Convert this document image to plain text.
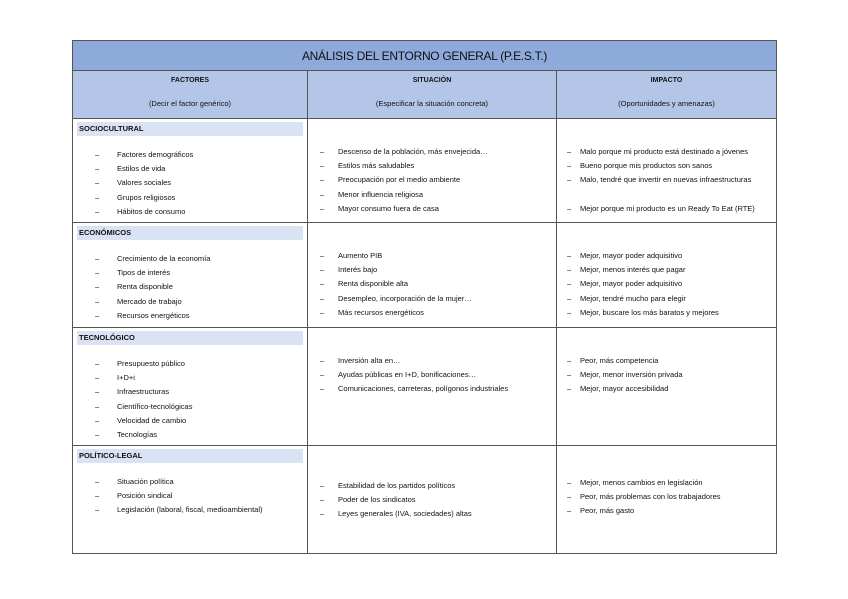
ANÁLISIS DEL ENTORNO GENERAL (P.E.S.T.)		

FACTORES
(Decir el factor genérico)

SITUACIÓN
(Especificar la situación concreta)

IMPACTO
(Oportunidades y amenazas)

SOCIOCULTURAL
– Factores demográficos
– Estilos de vida
– Valores sociales
– Grupos religiosos
– Hábitos de consumo

– Descenso de la población, más envejecida…
– Estilos más saludables
– Preocupación por el medio ambiente
– Menor influencia religiosa
– Mayor consumo fuera de casa

– Malo porque mi producto está destinado a jóvenes
– Bueno porque mis productos son sanos
– Malo, tendré que invertir en nuevas infraestructuras
– Mejor porque mi producto es un Ready To Eat (RTE)

ECONÓMICOS
– Crecimiento de la economía
– Tipos de interés
– Renta disponible
– Mercado de trabajo
– Recursos energéticos

– Aumento PIB
– Interés bajo
– Renta disponible alta
– Desempleo, incorporación de la mujer…
– Más recursos energéticos

– Mejor, mayor poder adquisitivo
– Mejor, menos interés que pagar
– Mejor, mayor poder adquisitivo
– Mejor, tendré mucho para elegir
– Mejor, buscare los más baratos y mejores

TECNOLÓGICO
– Presupuesto público
– I+D+i
– Infraestructuras
– Científico-tecnológicas
– Velocidad de cambio
– Tecnologías

– Inversión alta en…
– Ayudas públicas en I+D, bonificaciones…
– Comunicaciones, carreteras, polígonos industriales

– Peor, más competencia
– Mejor, menor inversión privada
– Mejor, mayor accesibilidad

POLÍTICO-LEGAL
– Situación política
– Posición sindical
– Legislación (laboral, fiscal, medioambiental)

– Estabilidad de los partidos políticos
– Poder de los sindicatos
– Leyes generales (IVA, sociedades) altas

– Mejor, menos cambios en legislación
– Peor, más problemas con los trabajadores
– Peor, más gasto
